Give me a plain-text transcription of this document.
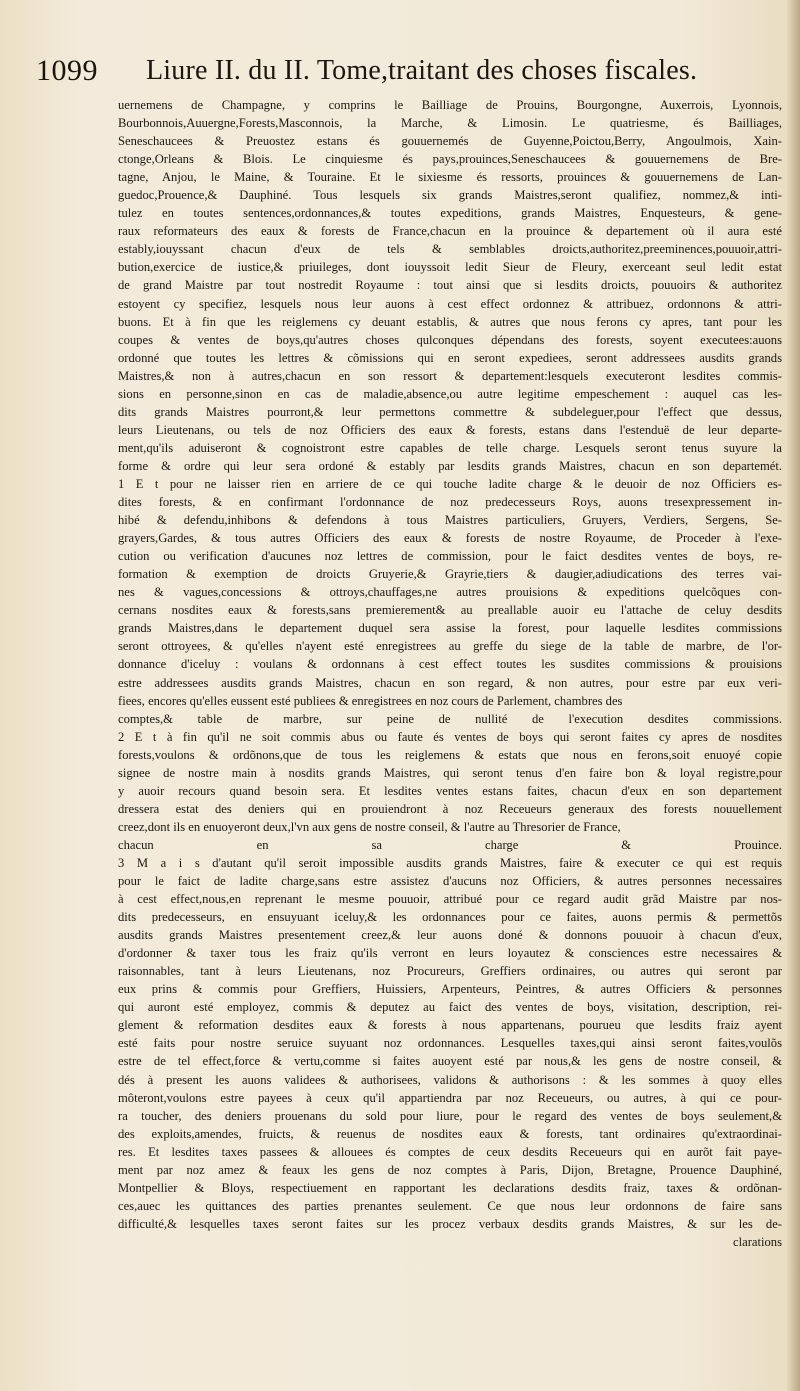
1099 Liure II. du II. Tome,traitant des choses fiscales.
uernemens de Champagne, y comprins le Bailliage de Prouins, Bourgongne, Auxerrois, Lyonnois,
Bourbonnois,Auuergne,Forests,Masconnois, la Marche, & Limosin. Le quatriesme, és Bailliages,
Seneschaucees & Preuostez estans és gouuernemés de Guyenne,Poictou,Berry, Angoulmois, Xain-
ctonge,Orleans & Blois. Le cinquiesme és pays,prouinces,Seneschaucees & gouuernemens de Bre-
tagne, Anjou, le Maine, & Touraine. Et le sixiesme és ressorts, prouinces & gouuernemens de Lan-
guedoc,Prouence,& Dauphiné. Tous lesquels six grands Maistres,seront qualifiez, nommez,& inti-
tulez en toutes sentences,ordonnances,& toutes expeditions, grands Maistres, Enquesteurs, & gene-
raux reformateurs des eaux & forests de France,chacun en la prouince & departement où il aura esté
estably,iouyssant chacun d'eux de tels & semblables droicts,authoritez,preeminences,pouuoir,attri-
bution,exercice de iustice,& priuileges, dont iouyssoit ledit Sieur de Fleury, exerceant seul ledit estat
de grand Maistre par tout nostredit Royaume : tout ainsi que si lesdits droicts, pouuoirs & authoritez
estoyent cy specifiez, lesquels nous leur auons à cest effect ordonnez & attribuez, ordonnons & attri-
buons. Et à fin que les reiglemens cy deuant establis, & autres que nous ferons cy apres, tant pour les
coupes & ventes de boys,qu'autres choses qulconques dépendans des forests, soyent executees:auons
ordonné que toutes les lettres & cõmissions qui en seront expediees, seront addressees ausdits grands
Maistres,& non à autres,chacun en son ressort & departement:lesquels executeront lesdites commis-
sions en personne,sinon en cas de maladie,absence,ou autre legitime empeschement : auquel cas les-
dits grands Maistres pourront,& leur permettons commettre & subdeleguer,pour l'effect que dessus,
leurs Lieutenans, ou tels de noz Officiers des eaux & forests, estans dans l'estenduë de leur departe-
ment,qu'ils aduiseront & cognoistront estre capables de telle charge. Lesquels seront tenus suyure la
forme & ordre qui leur sera ordoné & estably par lesdits grands Maistres, chacun en son departemét.
1 E t pour ne laisser rien en arriere de ce qui touche ladite charge & le deuoir de noz Officiers es-
dites forests, & en confirmant l'ordonnance de noz predecesseurs Roys, auons tresexpressement in-
hibé & defendu,inhibons & defendons à tous Maistres particuliers, Gruyers, Verdiers, Sergens, Se-
grayers,Gardes, & tous autres Officiers des eaux & forests de nostre Royaume, de Proceder à l'exe-
cution ou verification d'aucunes noz lettres de commission, pour le faict desdites ventes de boys, re-
formation & exemption de droicts Gruyerie,& Grayrie,tiers & daugier,adiudications des terres vai-
nes & vagues,concessions & ottroys,chauffages,ne autres prouisions & expeditions quelcõques con-
cernans nosdites eaux & forests,sans premierement& au preallable auoir eu l'attache de celuy desdits
grands Maistres,dans le departement duquel sera assise la forest, pour laquelle lesdites commissions
seront ottroyees, & qu'elles n'ayent esté enregistrees au greffe du siege de la table de marbre, de l'or-
donnance d'iceluy : voulans & ordonnans à cest effect toutes les susdites commissions & prouisions
estre addressees ausdits grands Maistres, chacun en son regard, & non autres, pour estre par eux veri-
fiees, encores qu'elles eussent esté publiees & enregistrees en noz cours de Parlement, chambres des
comptes,& table de marbre, sur peine de nullité de l'execution desdites commissions.
2 E t à fin qu'il ne soit commis abus ou faute és ventes de boys qui seront faites cy apres de nosdites
forests,voulons & ordõnons,que de tous les reiglemens & estats que nous en ferons,soit enuoyé copie
signee de nostre main à nosdits grands Maistres, qui seront tenus d'en faire bon & loyal registre,pour
y auoir recours quand besoin sera. Et lesdites ventes estans faites, chacun d'eux en son departement
dressera estat des deniers qui en prouiendront à noz Receueurs generaux des forests nouuellement
creez,dont ils en enuoyeront deux,l'vn aux gens de nostre conseil, & l'autre au Thresorier de France,
chacun en sa charge & Prouince.
3 M a i s d'autant qu'il seroit impossible ausdits grands Maistres, faire & executer ce qui est requis
pour le faict de ladite charge,sans estre assistez d'aucuns noz Officiers, & autres personnes necessaires
à cest effect,nous,en reprenant le mesme pouuoir, attribué pour ce regard audit grãd Maistre par nos-
dits predecesseurs, en ensuyuant iceluy,& les ordonnances pour ce faites, auons permis & permettõs
ausdits grands Maistres presentement creez,& leur auons doné & donnons pouuoir à chacun d'eux,
d'ordonner & taxer tous les fraiz qu'ils verront en leurs loyautez & consciences estre necessaires &
raisonnables, tant à leurs Lieutenans, noz Procureurs, Greffiers ordinaires, ou autres qui seront par
eux prins & commis pour Greffiers, Huissiers, Arpenteurs, Peintres, & autres Officiers & personnes
qui auront esté employez, commis & deputez au faict des ventes de boys, visitation, description, rei-
glement & reformation desdites eaux & forests à nous appartenans, pourueu que lesdits fraiz ayent
esté faits pour nostre seruice suyuant noz ordonnances. Lesquelles taxes,qui ainsi seront faites,voulõs
estre de tel effect,force & vertu,comme si faites auoyent esté par nous,& les gens de nostre conseil, &
dés à present les auons validees & authorisees, validons & authorisons : & les sommes à quoy elles
môteront,voulons estre payees à ceux qu'il appartiendra par noz Receueurs, ou autres, à qui ce pour-
ra toucher, des deniers prouenans du sold pour liure, pour le regard des ventes de boys seulement,&
des exploits,amendes, fruicts, & reuenus de nosdites eaux & forests, tant ordinaires qu'extraordinai-
res. Et lesdites taxes passees & allouees és comptes de ceux desdits Receueurs qui en aurõt fait paye-
ment par noz amez & feaux les gens de noz comptes à Paris, Dijon, Bretagne, Prouence Dauphiné,
Montpellier & Bloys, respectiuement en rapportant les declarations desdits fraiz, taxes & ordõnan-
ces,auec les quittances des parties prenantes seulement. Ce que nous leur ordonnons de faire sans
difficulté,& lesquelles taxes seront faites sur les procez verbaux desdits grands Maistres, & sur les de-
clarations
